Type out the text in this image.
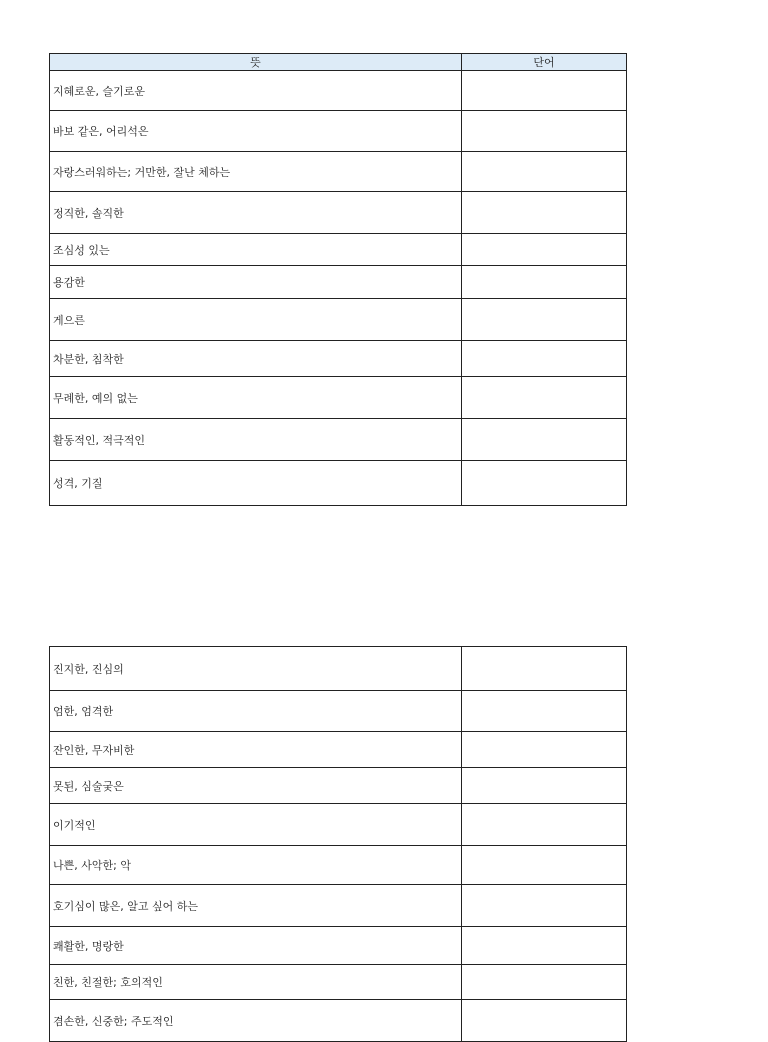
뜻	단어
지혜로운, 슬기로운	
바보 같은, 어리석은	
자랑스러워하는; 거만한, 잘난 체하는	
정직한, 솔직한	
조심성 있는	
용감한	
게으른	
차분한, 침착한	
무례한, 예의 없는	
활동적인, 적극적인	
성격, 기질	
진지한, 진심의	
엄한, 엄격한	
잔인한, 무자비한	
못된, 심술궂은	
이기적인	
나쁜, 사악한; 악	
호기심이 많은, 알고 싶어 하는	
쾌활한, 명랑한	
친한, 친절한; 호의적인	
겸손한, 신중한; 주도적인	
